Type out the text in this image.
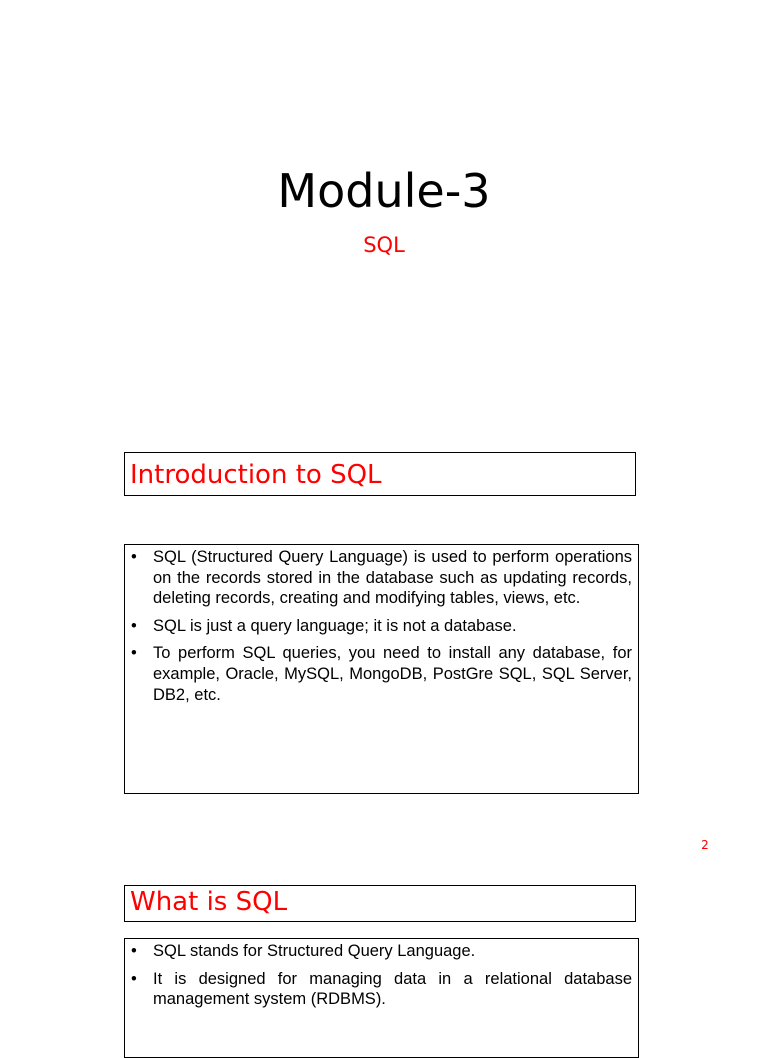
Module-3
SQL
Introduction to SQL
• SQL (Structured Query Language) is used to perform operations on the records stored in the database such as updating records, deleting records, creating and modifying tables, views, etc.
• SQL is just a query language; it is not a database.
• To perform SQL queries, you need to install any database, for example, Oracle, MySQL, MongoDB, PostGre SQL, SQL Server, DB2, etc.
2
What is SQL
• SQL stands for Structured Query Language.
• It is designed for managing data in a relational database management system (RDBMS).
